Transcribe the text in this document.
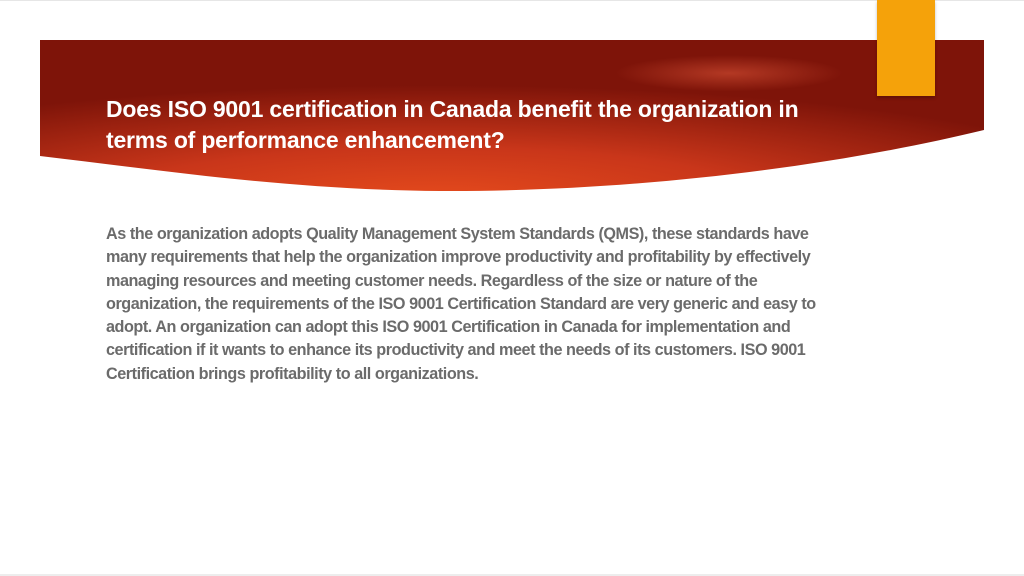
Does ISO 9001 certification in Canada benefit the organization in terms of performance enhancement?

As the organization adopts Quality Management System Standards (QMS), these standards have many requirements that help the organization improve productivity and profitability by effectively managing resources and meeting customer needs. Regardless of the size or nature of the organization, the requirements of the ISO 9001 Certification Standard are very generic and easy to adopt. An organization can adopt this ISO 9001 Certification in Canada for implementation and certification if it wants to enhance its productivity and meet the needs of its customers. ISO 9001 Certification brings profitability to all organizations.
